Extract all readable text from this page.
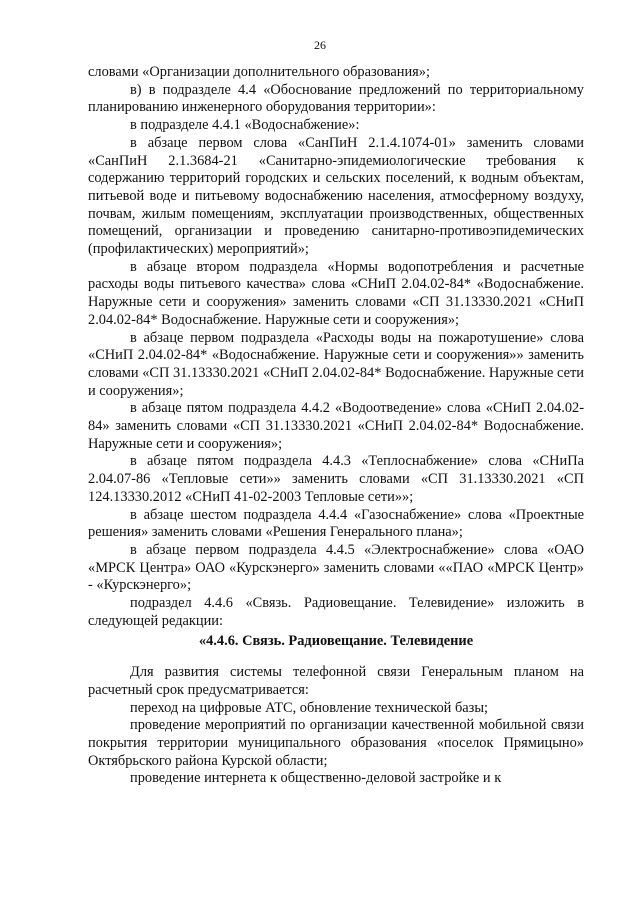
26

словами «Организации дополнительного образования»;

в) в подразделе 4.4 «Обоснование предложений по территориальному планированию инженерного оборудования территории»:

в подразделе 4.4.1 «Водоснабжение»:

в абзаце первом слова «СанПиН 2.1.4.1074-01» заменить словами «СанПиН 2.1.3684-21 «Санитарно-эпидемиологические требования к содержанию территорий городских и сельских поселений, к водным объектам, питьевой воде и питьевому водоснабжению населения, атмосферному воздуху, почвам, жилым помещениям, эксплуатации производственных, общественных помещений, организации и проведению санитарно-противоэпидемических (профилактических) мероприятий»;

в абзаце втором подраздела «Нормы водопотребления и расчетные расходы воды питьевого качества» слова «СНиП 2.04.02-84* «Водоснабжение. Наружные сети и сооружения» заменить словами «СП 31.13330.2021 «СНиП 2.04.02-84* Водоснабжение. Наружные сети и сооружения»;

в абзаце первом подраздела «Расходы воды на пожаротушение» слова «СНиП 2.04.02-84* «Водоснабжение. Наружные сети и сооружения»» заменить словами «СП 31.13330.2021 «СНиП 2.04.02-84* Водоснабжение. Наружные сети и сооружения»;

в абзаце пятом подраздела 4.4.2 «Водоотведение» слова «СНиП 2.04.02-84» заменить словами «СП 31.13330.2021 «СНиП 2.04.02-84* Водоснабжение. Наружные сети и сооружения»;

в абзаце пятом подраздела 4.4.3 «Теплоснабжение» слова «СНиПа 2.04.07-86 «Тепловые сети»» заменить словами «СП 31.13330.2021 «СП 124.13330.2012 «СНиП 41-02-2003 Тепловые сети»»;

в абзаце шестом подраздела 4.4.4 «Газоснабжение» слова «Проектные решения» заменить словами «Решения Генерального плана»;

в абзаце первом подраздела 4.4.5 «Электроснабжение» слова «ОАО «МРСК Центра» ОАО «Курскэнерго» заменить словами ««ПАО «МРСК Центр» - «Курскэнерго»;

подраздел 4.4.6 «Связь. Радиовещание. Телевидение» изложить в следующей редакции:

«4.4.6. Связь. Радиовещание. Телевидение

Для развития системы телефонной связи Генеральным планом на расчетный срок предусматривается:

переход на цифровые АТС, обновление технической базы;

проведение мероприятий по организации качественной мобильной связи покрытия территории муниципального образования «поселок Прямицыно» Октябрьского района Курской области;

проведение интернета к общественно-деловой застройке и к
